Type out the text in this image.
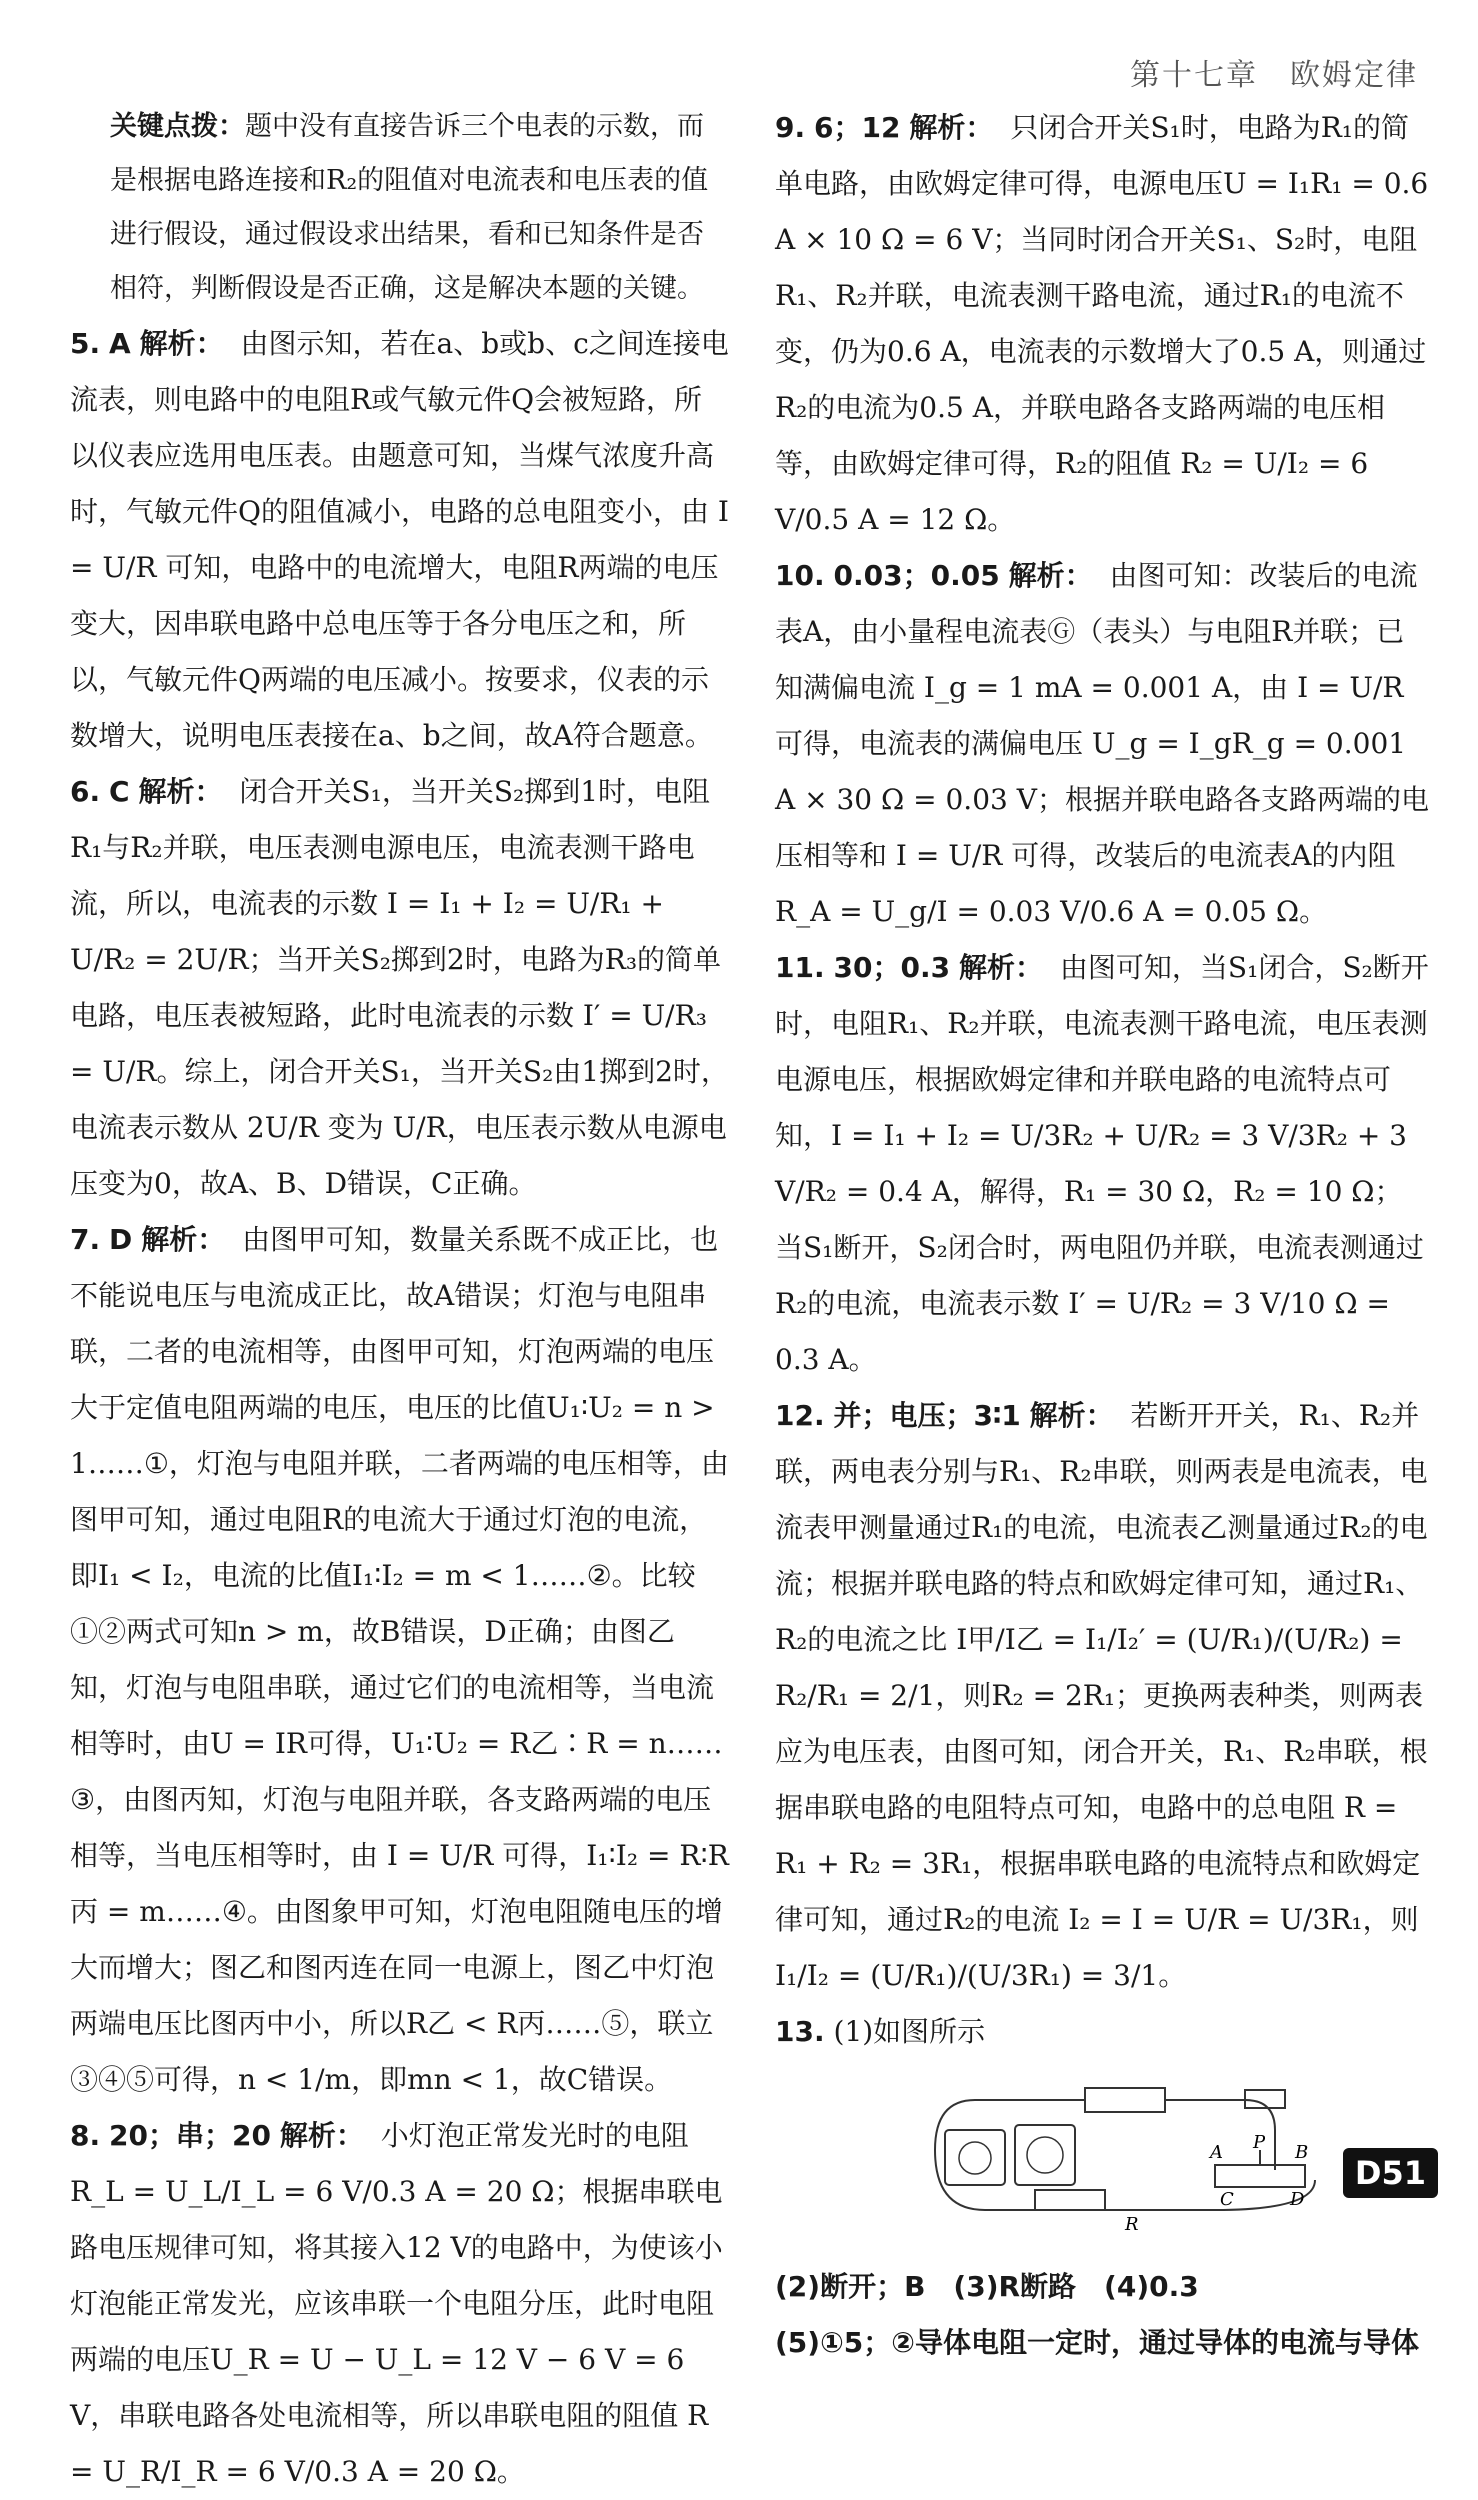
第十七章　欧姆定律
关键点拨：题中没有直接告诉三个电表的示数，而是根据电路连接和R₂的阻值对电流表和电压表的值进行假设，通过假设求出结果，看和已知条件是否相符，判断假设是否正确，这是解决本题的关键。
5. A 解析： 由图示知，若在a、b或b、c之间连接电流表，则电路中的电阻R或气敏元件Q会被短路，所以仪表应选用电压表。由题意可知，当煤气浓度升高时，气敏元件Q的阻值减小，电路的总电阻变小，由 I = U/R 可知，电路中的电流增大，电阻R两端的电压变大，因串联电路中总电压等于各分电压之和，所以，气敏元件Q两端的电压减小。按要求，仪表的示数增大，说明电压表接在a、b之间，故A符合题意。
6. C 解析： 闭合开关S₁，当开关S₂掷到1时，电阻R₁与R₂并联，电压表测电源电压，电流表测干路电流，所以，电流表的示数 I = I₁ + I₂ = U/R₁ + U/R₂ = 2U/R；当开关S₂掷到2时，电路为R₃的简单电路，电压表被短路，此时电流表的示数 I′ = U/R₃ = U/R。综上，闭合开关S₁，当开关S₂由1掷到2时，电流表示数从 2U/R 变为 U/R，电压表示数从电源电压变为0，故A、B、D错误，C正确。
7. D 解析： 由图甲可知，数量关系既不成正比，也不能说电压与电流成正比，故A错误；灯泡与电阻串联，二者的电流相等，由图甲可知，灯泡两端的电压大于定值电阻两端的电压，电压的比值U₁∶U₂ = n > 1……①，灯泡与电阻并联，二者两端的电压相等，由图甲可知，通过电阻R的电流大于通过灯泡的电流，即I₁ < I₂，电流的比值I₁∶I₂ = m < 1……②。比较①②两式可知n > m，故B错误，D正确；由图乙知，灯泡与电阻串联，通过它们的电流相等，当电流相等时，由U = IR可得，U₁∶U₂ = R乙∶R = n……③，由图丙知，灯泡与电阻并联，各支路两端的电压相等，当电压相等时，由 I = U/R 可得，I₁∶I₂ = R∶R丙 = m……④。由图象甲可知，灯泡电阻随电压的增大而增大；图乙和图丙连在同一电源上，图乙中灯泡两端电压比图丙中小，所以R乙 < R丙……⑤，联立③④⑤可得，n < 1/m，即mn < 1，故C错误。
8. 20；串；20 解析： 小灯泡正常发光时的电阻 R_L = U_L/I_L = 6 V/0.3 A = 20 Ω；根据串联电路电压规律可知，将其接入12 V的电路中，为使该小灯泡能正常发光，应该串联一个电阻分压，此时电阻两端的电压U_R = U − U_L = 12 V − 6 V = 6 V，串联电路各处电流相等，所以串联电阻的阻值 R = U_R/I_R = 6 V/0.3 A = 20 Ω。
9. 6；12 解析： 只闭合开关S₁时，电路为R₁的简单电路，由欧姆定律可得，电源电压U = I₁R₁ = 0.6 A × 10 Ω = 6 V；当同时闭合开关S₁、S₂时，电阻R₁、R₂并联，电流表测干路电流，通过R₁的电流不变，仍为0.6 A，电流表的示数增大了0.5 A，则通过R₂的电流为0.5 A，并联电路各支路两端的电压相等，由欧姆定律可得，R₂的阻值 R₂ = U/I₂ = 6 V/0.5 A = 12 Ω。
10. 0.03；0.05 解析： 由图可知：改装后的电流表A，由小量程电流表Ⓖ（表头）与电阻R并联；已知满偏电流 I_g = 1 mA = 0.001 A，由 I = U/R 可得，电流表的满偏电压 U_g = I_gR_g = 0.001 A × 30 Ω = 0.03 V；根据并联电路各支路两端的电压相等和 I = U/R 可得，改装后的电流表A的内阻 R_A = U_g/I = 0.03 V/0.6 A = 0.05 Ω。
11. 30；0.3 解析： 由图可知，当S₁闭合，S₂断开时，电阻R₁、R₂并联，电流表测干路电流，电压表测电源电压，根据欧姆定律和并联电路的电流特点可知，I = I₁ + I₂ = U/3R₂ + U/R₂ = 3 V/3R₂ + 3 V/R₂ = 0.4 A，解得，R₁ = 30 Ω，R₂ = 10 Ω；当S₁断开，S₂闭合时，两电阻仍并联，电流表测通过R₂的电流，电流表示数 I′ = U/R₂ = 3 V/10 Ω = 0.3 A。
12. 并；电压；3∶1 解析： 若断开开关，R₁、R₂并联，两电表分别与R₁、R₂串联，则两表是电流表，电流表甲测量通过R₁的电流，电流表乙测量通过R₂的电流；根据并联电路的特点和欧姆定律可知，通过R₁、R₂的电流之比 I甲/I乙 = I₁/I₂′ = (U/R₁)/(U/R₂) = R₂/R₁ = 2/1，则R₂ = 2R₁；更换两表种类，则两表应为电压表，由图可知，闭合开关，R₁、R₂串联，根据串联电路的电阻特点可知，电路中的总电阻 R = R₁ + R₂ = 3R₁，根据串联电路的电流特点和欧姆定律可知，通过R₂的电流 I₂ = I = U/R = U/3R₁，则 I₁/I₂ = (U/R₁)/(U/3R₁) = 3/1。
13. (1)如图所示
A P B
C	D
R

(2)断开；B　(3)R断路　(4)0.3

(5)①5；②导体电阻一定时，通过导体的电流与导体

D51
